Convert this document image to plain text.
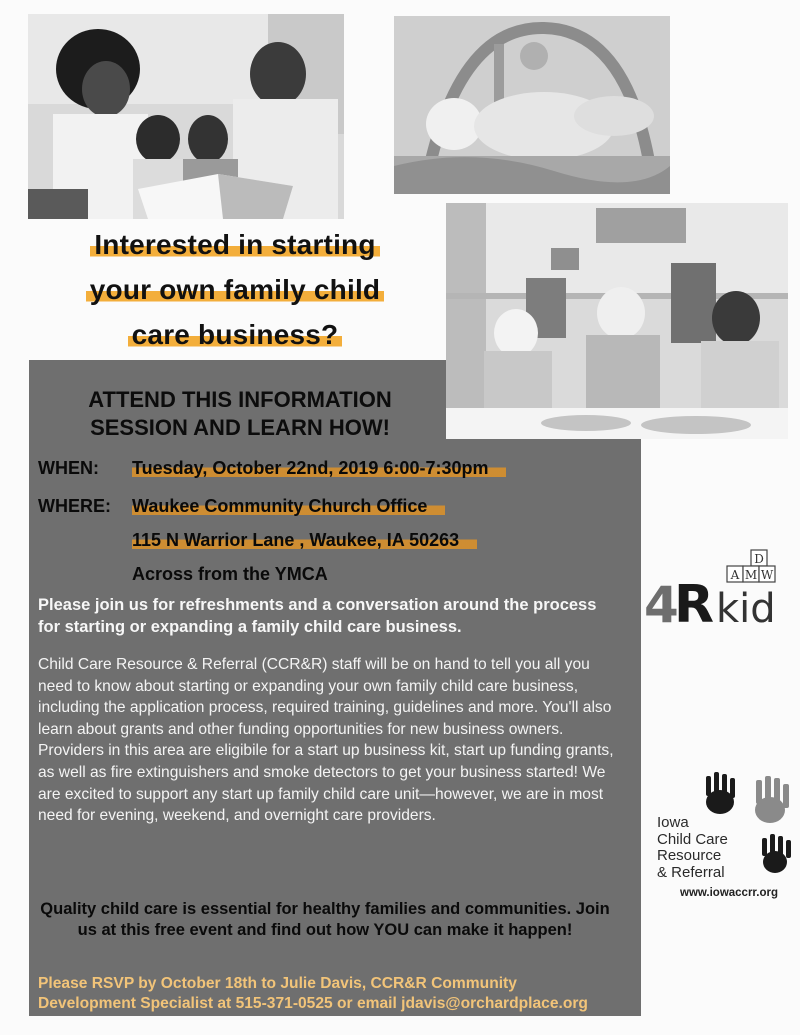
Interested in starting
your own family child
care business?
ATTEND THIS INFORMATION
SESSION AND LEARN HOW!
WHEN: Tuesday, October 22nd, 2019 6:00-7:30pm
WHERE: Waukee Community Church Office
115 N Warrior Lane , Waukee, IA 50263
Across from the YMCA
Please join us for refreshments and a conversation around the process for starting or expanding a family child care business.
Child Care Resource & Referral (CCR&R) staff will be on hand to tell you all you need to know about starting or expanding your own family child care business, including the application process, required training, guidelines and more. You'll also learn about grants and other funding opportunities for new business owners. Providers in this area are eligibile for a start up business kit, start up funding grants, as well as fire extinguishers and smoke detectors to get your business started! We are excited to support any start up family child care unit—however, we are in most need for evening, weekend, and overnight care providers.
Quality child care is essential for healthy families and communities. Join us at this free event and find out how YOU can make it happen!
Please RSVP by October 18th to Julie Davis, CCR&R Community
Development Specialist at 515-371-0525 or email jdavis@orchardplace.org
D
A M W
4
R kid
Iowa
Child Care
Resource
& Referral
www.iowaccrr.org
